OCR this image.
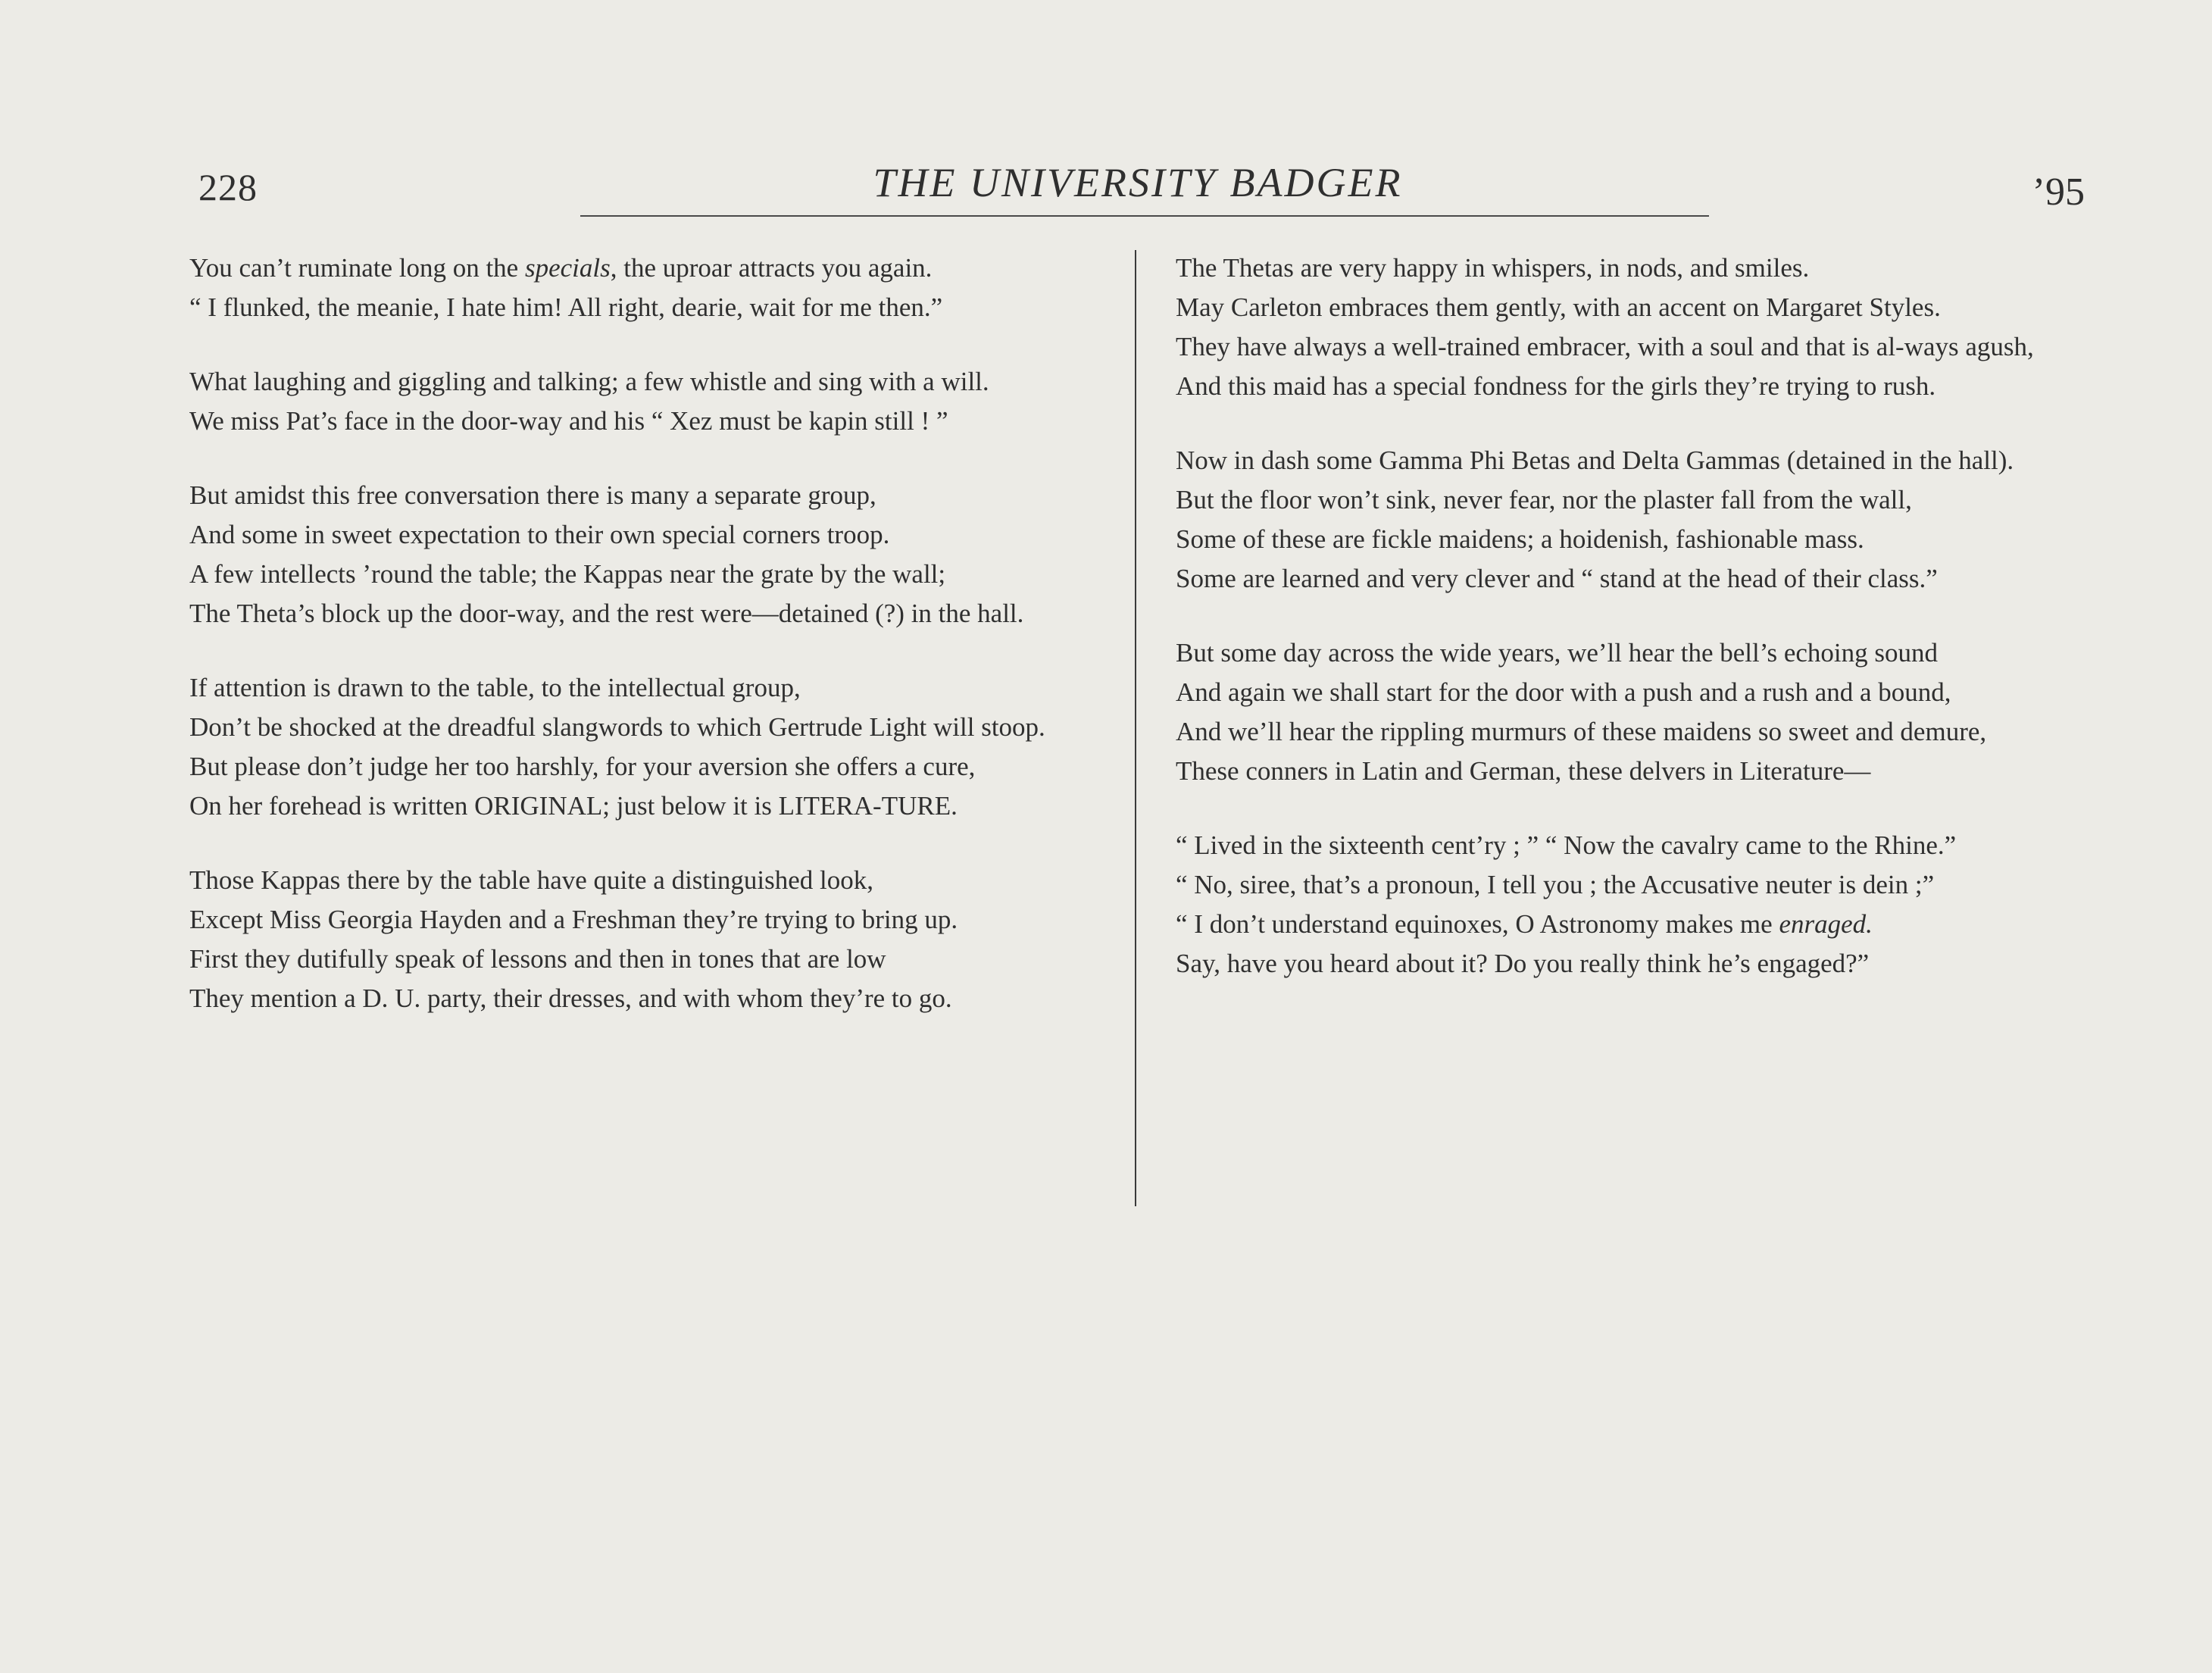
228	THE UNIVERSITY BADGER	’95
You can’t ruminate long on the specials, the uproar attracts you again.
“ I flunked, the meanie, I hate him! All right, dearie, wait for me then.”
What laughing and giggling and talking; a few whistle and sing with a will.
We miss Pat’s face in the door-way and his “ Xez must be kapin still ! ”
But amidst this free conversation there is many a separate group,
And some in sweet expectation to their own special corners troop.
A few intellects ’round the table; the Kappas near the grate by the wall;
The Theta’s block up the door-way, and the rest were—detained (?) in the hall.
If attention is drawn to the table, to the intellectual group,
Don’t be shocked at the dreadful slangwords to which Gertrude Light will stoop.
But please don’t judge her too harshly, for your aversion she offers a cure,
On her forehead is written ORIGINAL; just below it is LITERA-TURE.
Those Kappas there by the table have quite a distinguished look,
Except Miss Georgia Hayden and a Freshman they’re trying to bring up.
First they dutifully speak of lessons and then in tones that are low
They mention a D. U. party, their dresses, and with whom they’re to go.
The Thetas are very happy in whispers, in nods, and smiles.
May Carleton embraces them gently, with an accent on Margaret Styles.
They have always a well-trained embracer, with a soul and that is al-ways agush,
And this maid has a special fondness for the girls they’re trying to rush.
Now in dash some Gamma Phi Betas and Delta Gammas (detained in the hall).
But the floor won’t sink, never fear, nor the plaster fall from the wall,
Some of these are fickle maidens; a hoidenish, fashionable mass.
Some are learned and very clever and “ stand at the head of their class.”
But some day across the wide years, we’ll hear the bell’s echoing sound
And again we shall start for the door with a push and a rush and a bound,
And we’ll hear the rippling murmurs of these maidens so sweet and demure,
These conners in Latin and German, these delvers in Literature—
“ Lived in the sixteenth cent’ry ; ” “ Now the cavalry came to the Rhine.”
“ No, siree, that’s a pronoun, I tell you ; the Accusative neuter is dein ;”
“ I don’t understand equinoxes, O Astronomy makes me enraged.
Say, have you heard about it? Do you really think he’s engaged?”
